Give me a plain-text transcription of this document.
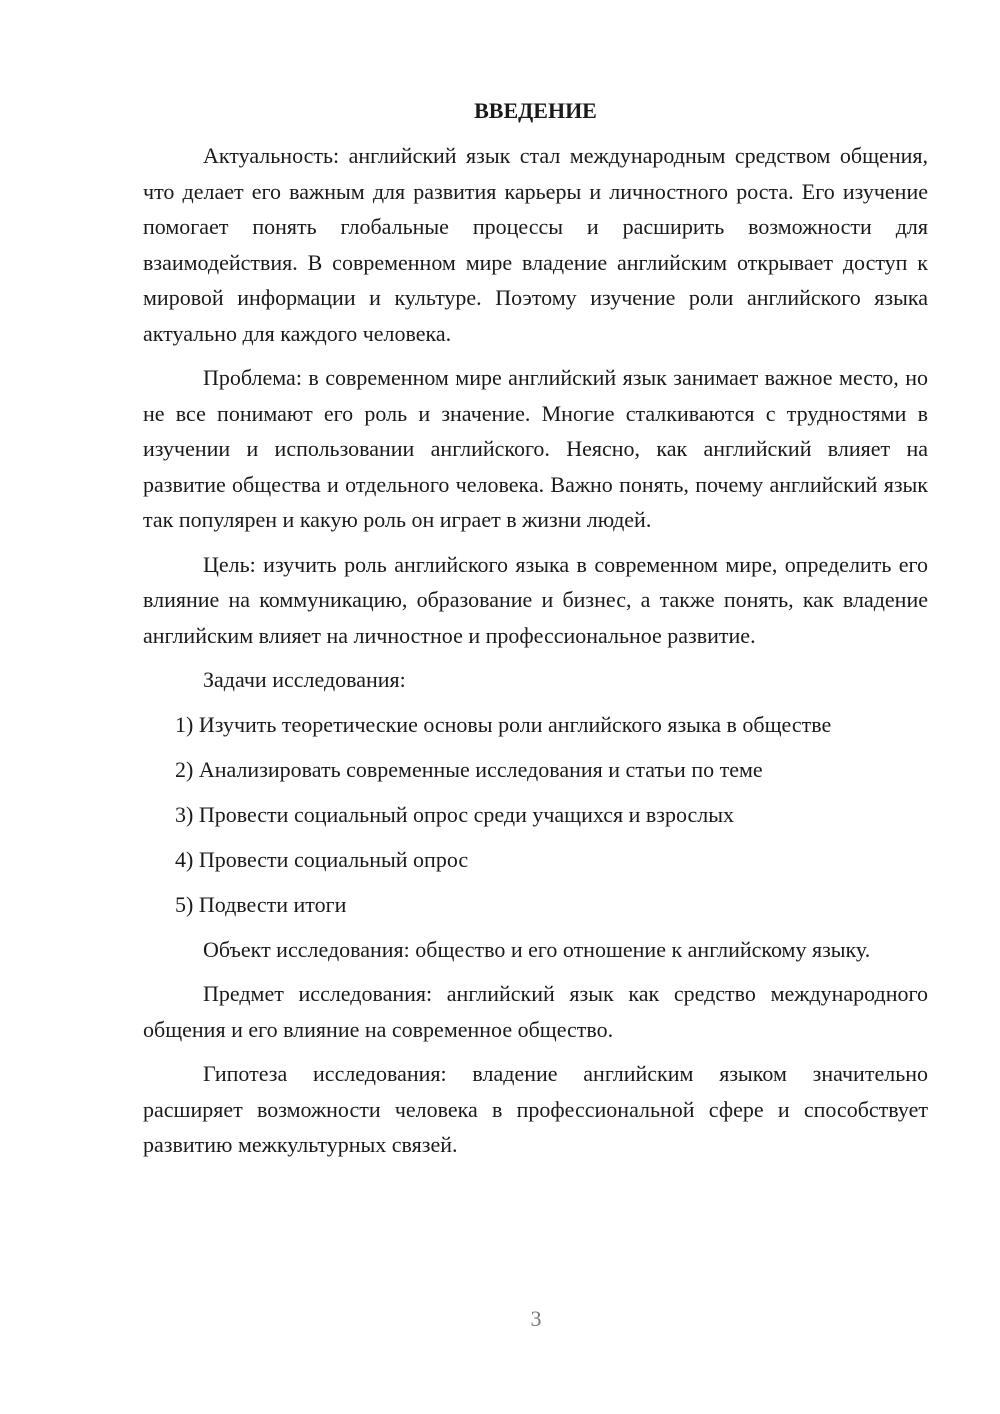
ВВЕДЕНИЕ

Актуальность: английский язык стал международным средством общения, что делает его важным для развития карьеры и личностного роста. Его изучение помогает понять глобальные процессы и расширить возможности для взаимодействия. В современном мире владение английским открывает доступ к мировой информации и культуре. Поэтому изучение роли английского языка актуально для каждого человека.

Проблема: в современном мире английский язык занимает важное место, но не все понимают его роль и значение. Многие сталкиваются с трудностями в изучении и использовании английского. Неясно, как английский влияет на развитие общества и отдельного человека. Важно понять, почему английский язык так популярен и какую роль он играет в жизни людей.

Цель: изучить роль английского языка в современном мире, определить его влияние на коммуникацию, образование и бизнес, а также понять, как владение английским влияет на личностное и профессиональное развитие.

Задачи исследования:

1) Изучить теоретические основы роли английского языка в обществе
2) Анализировать современные исследования и статьи по теме
3) Провести социальный опрос среди учащихся и взрослых
4) Провести социальный опрос
5) Подвести итоги

Объект исследования: общество и его отношение к английскому языку.

Предмет исследования: английский язык как средство международного общения и его влияние на современное общество.

Гипотеза исследования: владение английским языком значительно расширяет возможности человека в профессиональной сфере и способствует развитию межкультурных связей.

3
